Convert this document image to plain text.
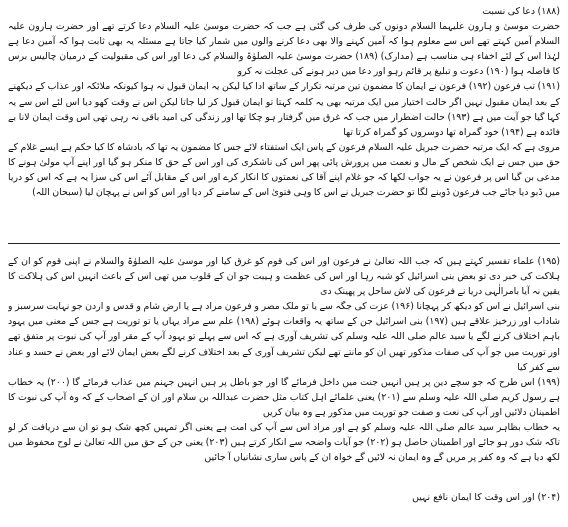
(۱۸۸) دعا کی نسبت

حضرت موسیٰ و ہارون علیہما السلام دونوں کی طرف کی گئی ہے جب کہ حضرت موسیٰ علیہ السلام دعا کرتے تھے اور حضرت ہارون علیہ السلام آمین کہتے تھے اس سے معلوم ہوا کہ آمین کہنے والا بھی دعا کرنے والوں میں شمار کیا جاتا ہے مسئلہ یہ بھی ثابت ہوا کہ آمین دعا ہے لہٰذا اس کے لئے اخفاء ہی مناسب ہے (مدارک) (۱۸۹) حضرت موسیٰ علیہ الصلوٰۃ والسلام کی دعا اور اس کی مقبولیت کے درمیان چالیس برس کا فاصلہ ہوا (۱۹۰) دعوت و تبلیغ پر قائم رہو اور دعا میں دیر ہونے کی عجلت نہ کرو

(۱۹۱) تب فرعون (۱۹۲) فرعون نے ایمان کا مضمون تین مرتبہ تکرار کے ساتھ ادا کیا لیکن یہ ایمان قبول نہ ہوا کیونکہ ملائکہ اور عذاب کے دیکھنے کے بعد ایمان مقبول نہیں اگر حالت اختیار میں ایک مرتبہ بھی یہ کلمہ کہتا تو ایمان قبول کر لیا جاتا لیکن اس نے وقت کھو دیا اس لئے اس سے یہ کہا گیا جو آیت میں ہے (۱۹۳) حالت اضطرار میں جب کہ غرق میں گرفتار ہو چکا تھا اور زندگی کی امید باقی نہ رہی تھی اس وقت ایمان لانا بے فائدہ ہے (۱۹۴) خود گمراہ تھا دوسروں کو گمراہ کرتا تھا

مروی ہے کہ ایک مرتبہ حضرت جبریل علیہ السلام فرعون کے پاس ایک استفتاء لائے جس کا مضمون یہ تھا کہ بادشاہ کا کیا حکم ہے ایسے غلام کے حق میں جس نے ایک شخص کے مال و نعمت میں پرورش پائی پھر اس کی ناشکری کی اور اس کے حق کا منکر ہو گیا اور اپنے آپ مولیٰ ہونے کا مدعی بن گیا اس پر فرعون نے یہ جواب لکھا کہ جو غلام اپنے آقا کی نعمتوں کا انکار کرے اور اس کے مقابل آئے اس کی سزا یہ ہے کہ اس کو دریا میں ڈبو دیا جائے جب فرعون ڈوبنے لگا تو حضرت جبریل نے اس کا وہی فتویٰ اس کے سامنے کر دیا اور اس کو اس نے پہچان لیا (سبحان اللہ)

(۱۹۵) علماء تفسیر کہتے ہیں کہ جب اللہ تعالیٰ نے فرعون اور اس کی قوم کو غرق کیا اور موسیٰ علیہ الصلوٰۃ والسلام نے اپنی قوم کو ان کے ہلاکت کی خبر دی تو بعض بنی اسرائیل کو شبہ رہا اور اس کی عظمت و ہیبت جو ان کے قلوب میں تھی اس کے باعث انہیں اس کی ہلاکت کا یقین نہ آیا بامرالٰہی دریا نے فرعون کی لاش ساحل پر پھینک دی

بنی اسرائیل نے اس کو دیکھ کر پہچانا (۱۹۶) عزت کی جگہ سے یا تو ملک مصر و فرعون مراد ہے یا ارض شام و قدس و اردن جو نہایت سرسبز و شاداب اور زرخیز علاقے ہیں (۱۹۷) بنی اسرائیل جن کے ساتھ یہ واقعات ہوئے (۱۹۸) علم سے مراد یہاں یا تو توریت ہے جس کے معنی میں یہود باہم اختلاف کرنے لگے یا سید عالم صلی اللہ علیہ وسلم کی تشریف آوری ہے کہ اس سے پہلے تو یہود آپ کے مقر اور آپ کی نبوت پر متفق تھے اور توریت میں جو آپ کی صفات مذکور تھیں ان کو مانتے تھے لیکن تشریف آوری کے بعد اختلاف کرنے لگے بعض ایمان لائے اور بعض نے حسد و عناد سے کفر کیا

(۱۹۹) اس طرح کہ جو سچے دین پر ہیں انہیں جنت میں داخل فرمائے گا اور جو باطل پر ہیں انہیں جہنم میں عذاب فرمائے گا (۲۰۰) یہ خطاب ہے رسول کریم صلی اللہ علیہ وسلم سے (۲۰۱) یعنی علمائے اہل کتاب مثل حضرت عبداللہ بن سلام اور ان کے اصحاب کے کہ وہ آپ کی نبوت کا اطمینان دلائیں اور آپ کی نعت و صفت جو توریت میں مذکور ہے وہ بیان کریں

یہ خطاب بظاہر سید عالم صلی اللہ علیہ وسلم کو ہے اور مراد اس سے آپ کی امت ہے یعنی اگر تمہیں کچھ شک ہو تو ان سے دریافت کر لو تاکہ شک دور ہو جائے اور اطمینان حاصل ہو (۲۰۲) جو آیات واضحہ سے انکار کرتے ہیں (۲۰۳) یعنی جن کے حق میں اللہ تعالیٰ نے لوح محفوظ میں لکھ دیا ہے کہ وہ کفر پر مریں گے وہ ایمان نہ لائیں گے خواہ ان کے پاس ساری نشانیاں آ جائیں

(۲۰۴) اور اس وقت کا ایمان نافع نہیں
